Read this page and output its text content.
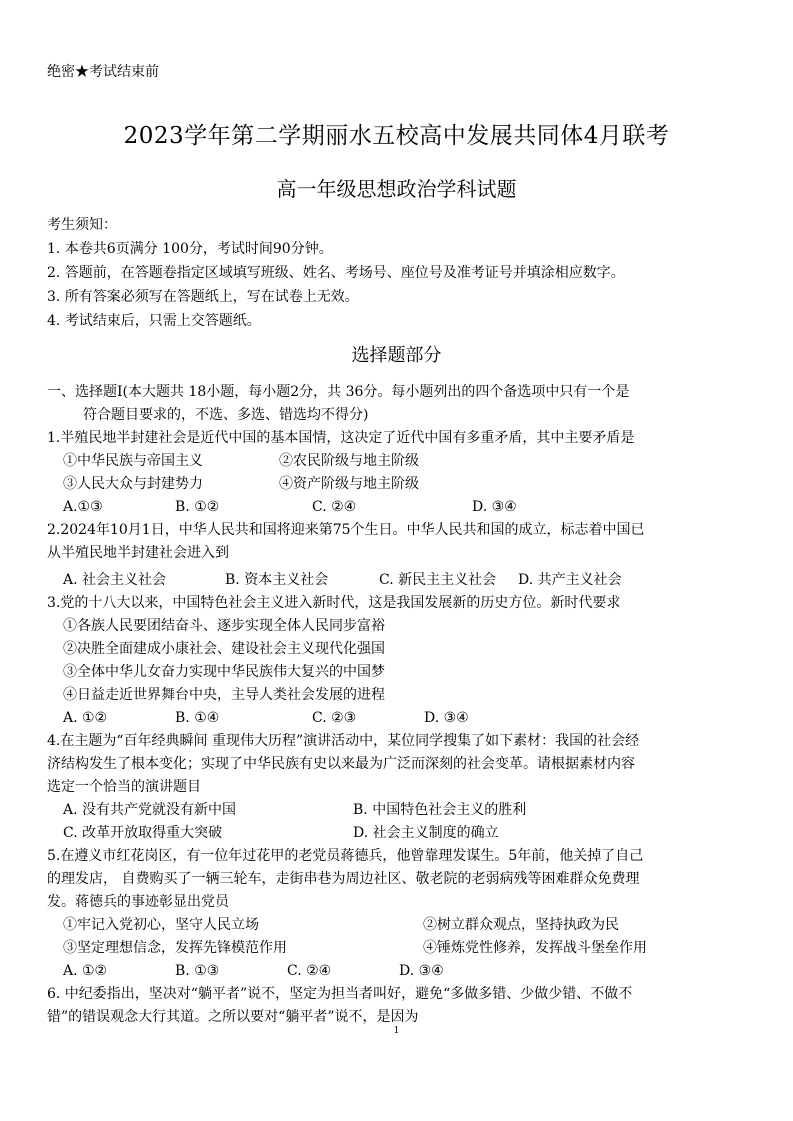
绝密★考试结束前
2023学年第二学期丽水五校高中发展共同体4月联考
高一年级思想政治学科试题
考生须知：
1. 本卷共6页满分 100分，考试时间90分钟。
2. 答题前，在答题卷指定区域填写班级、姓名、考场号、座位号及准考证号并填涂相应数字。
3. 所有答案必须写在答题纸上，写在试卷上无效。
4. 考试结束后，只需上交答题纸。
选择题部分
一、选择题Ⅰ(本大题共 18小题，每小题2分，共 36分。每小题列出的四个备选项中只有一个是
符合题目要求的，不选、多选、错选均不得分)
1.半殖民地半封建社会是近代中国的基本国情，这决定了近代中国有多重矛盾，其中主要矛盾是
①中华民族与帝国主义	②农民阶级与地主阶级
③人民大众与封建势力	④资产阶级与地主阶级
A.①③	B. ①②	C. ②④	D. ③④
2.2024年10月1日，中华人民共和国将迎来第75个生日。中华人民共和国的成立，标志着中国已
从半殖民地半封建社会进入到
A. 社会主义社会	B. 资本主义社会	C. 新民主主义社会	D. 共产主义社会
3.党的十八大以来，中国特色社会主义进入新时代，这是我国发展新的历史方位。新时代要求
①各族人民要团结奋斗、逐步实现全体人民同步富裕
②决胜全面建成小康社会、建设社会主义现代化强国
③全体中华儿女奋力实现中华民族伟大复兴的中国梦
④日益走近世界舞台中央，主导人类社会发展的进程
A. ①②	B. ①④	C. ②③	D. ③④
4.在主题为“百年经典瞬间 重现伟大历程”演讲活动中，某位同学搜集了如下素材：我国的社会经
济结构发生了根本变化；实现了中华民族有史以来最为广泛而深刻的社会变革。请根据素材内容
选定一个恰当的演讲题目
A. 没有共产党就没有新中国	B. 中国特色社会主义的胜利
C. 改革开放取得重大突破	D. 社会主义制度的确立
5.在遵义市红花岗区，有一位年过花甲的老党员蒋德兵，他曾靠理发谋生。5年前，他关掉了自己
的理发店， 自费购买了一辆三轮车，走街串巷为周边社区、敬老院的老弱病残等困难群众免费理
发。蒋德兵的事迹彰显出党员
①牢记入党初心，坚守人民立场	②树立群众观点，坚持执政为民
③坚定理想信念，发挥先锋模范作用	④锤炼党性修养，发挥战斗堡垒作用
A. ①②	B. ①③	C. ②④	D. ③④
6. 中纪委指出，坚决对“躺平者”说不，坚定为担当者叫好，避免“多做多错、少做少错、不做不
错”的错误观念大行其道。之所以要对“躺平者”说不，是因为
1
